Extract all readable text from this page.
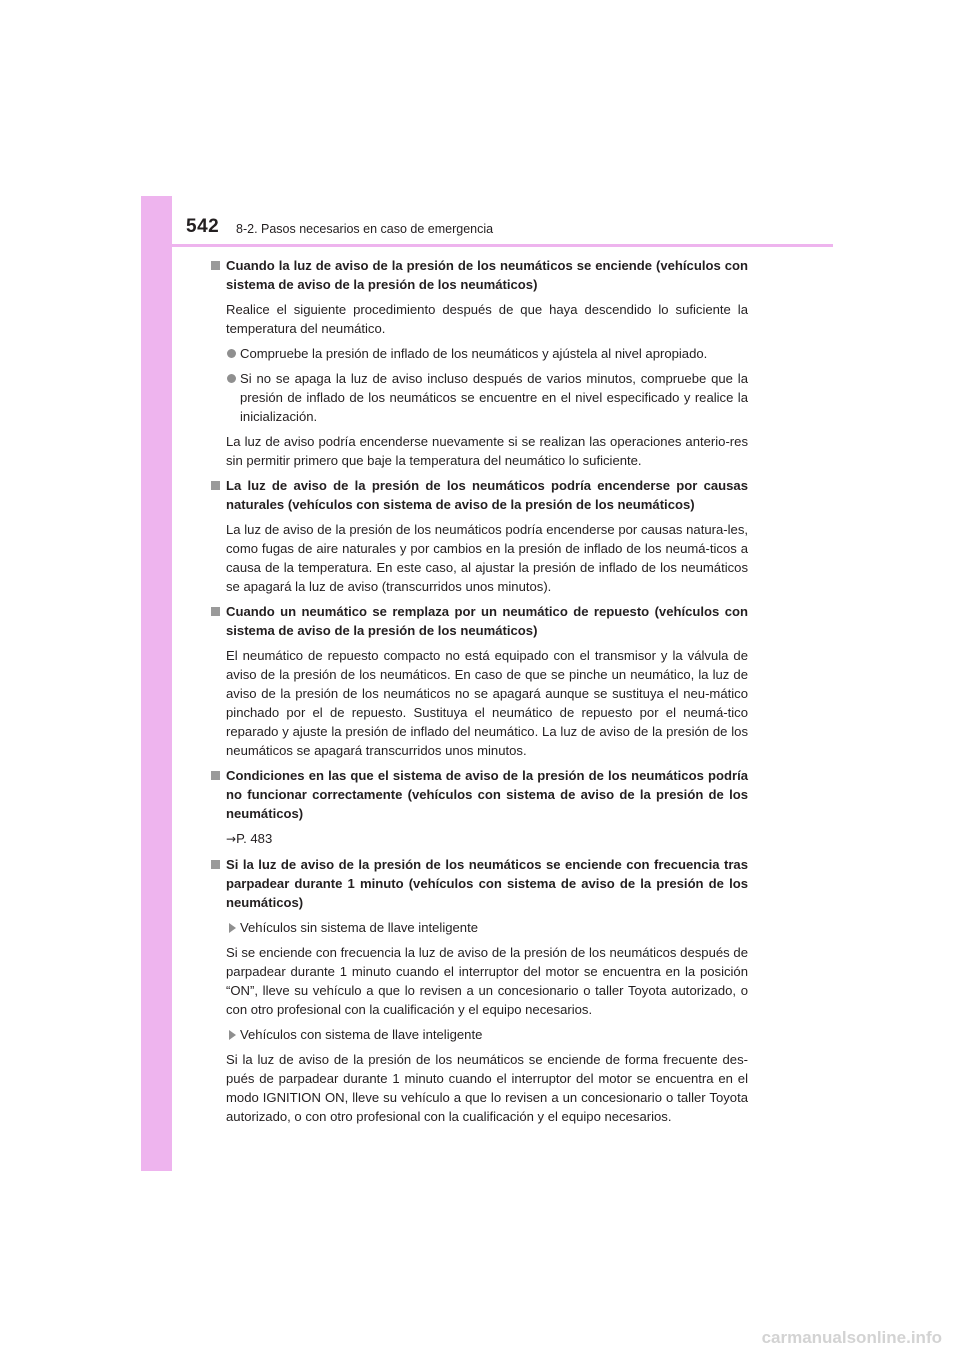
542 8-2. Pasos necesarios en caso de emergencia
Cuando la luz de aviso de la presión de los neumáticos se enciende (vehículos con sistema de aviso de la presión de los neumáticos)
Realice el siguiente procedimiento después de que haya descendido lo suficiente la temperatura del neumático.
Compruebe la presión de inflado de los neumáticos y ajústela al nivel apropiado.
Si no se apaga la luz de aviso incluso después de varios minutos, compruebe que la presión de inflado de los neumáticos se encuentre en el nivel especificado y realice la inicialización.
La luz de aviso podría encenderse nuevamente si se realizan las operaciones anterio-res sin permitir primero que baje la temperatura del neumático lo suficiente.
La luz de aviso de la presión de los neumáticos podría encenderse por causas naturales (vehículos con sistema de aviso de la presión de los neumáticos)
La luz de aviso de la presión de los neumáticos podría encenderse por causas natura-les, como fugas de aire naturales y por cambios en la presión de inflado de los neumá-ticos a causa de la temperatura. En este caso, al ajustar la presión de inflado de los neumáticos se apagará la luz de aviso (transcurridos unos minutos).
Cuando un neumático se remplaza por un neumático de repuesto (vehículos con sistema de aviso de la presión de los neumáticos)
El neumático de repuesto compacto no está equipado con el transmisor y la válvula de aviso de la presión de los neumáticos. En caso de que se pinche un neumático, la luz de aviso de la presión de los neumáticos no se apagará aunque se sustituya el neu-mático pinchado por el de repuesto. Sustituya el neumático de repuesto por el neumá-tico reparado y ajuste la presión de inflado del neumático. La luz de aviso de la presión de los neumáticos se apagará transcurridos unos minutos.
Condiciones en las que el sistema de aviso de la presión de los neumáticos podría no funcionar correctamente (vehículos con sistema de aviso de la presión de los neumáticos)
→P. 483
Si la luz de aviso de la presión de los neumáticos se enciende con frecuencia tras parpadear durante 1 minuto (vehículos con sistema de aviso de la presión de los neumáticos)
Vehículos sin sistema de llave inteligente
Si se enciende con frecuencia la luz de aviso de la presión de los neumáticos después de parpadear durante 1 minuto cuando el interruptor del motor se encuentra en la posición “ON”, lleve su vehículo a que lo revisen a un concesionario o taller Toyota autorizado, o con otro profesional con la cualificación y el equipo necesarios.
Vehículos con sistema de llave inteligente
Si la luz de aviso de la presión de los neumáticos se enciende de forma frecuente des-pués de parpadear durante 1 minuto cuando el interruptor del motor se encuentra en el modo IGNITION ON, lleve su vehículo a que lo revisen a un concesionario o taller Toyota autorizado, o con otro profesional con la cualificación y el equipo necesarios.
carmanualsonline.info
